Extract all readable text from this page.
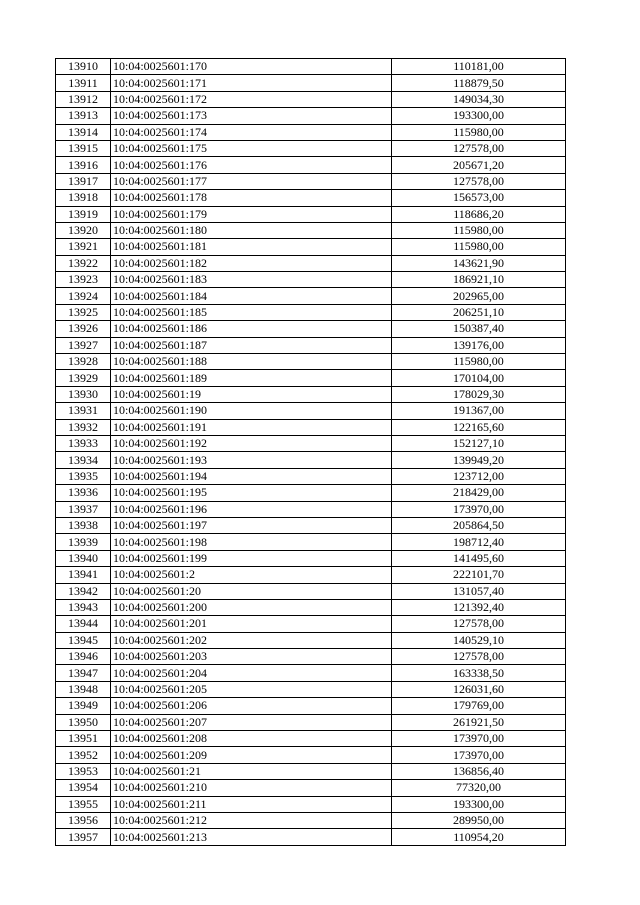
13910	10:04:0025601:170	110181,00
13911	10:04:0025601:171	118879,50
13912	10:04:0025601:172	149034,30
13913	10:04:0025601:173	193300,00
13914	10:04:0025601:174	115980,00
13915	10:04:0025601:175	127578,00
13916	10:04:0025601:176	205671,20
13917	10:04:0025601:177	127578,00
13918	10:04:0025601:178	156573,00
13919	10:04:0025601:179	118686,20
13920	10:04:0025601:180	115980,00
13921	10:04:0025601:181	115980,00
13922	10:04:0025601:182	143621,90
13923	10:04:0025601:183	186921,10
13924	10:04:0025601:184	202965,00
13925	10:04:0025601:185	206251,10
13926	10:04:0025601:186	150387,40
13927	10:04:0025601:187	139176,00
13928	10:04:0025601:188	115980,00
13929	10:04:0025601:189	170104,00
13930	10:04:0025601:19	178029,30
13931	10:04:0025601:190	191367,00
13932	10:04:0025601:191	122165,60
13933	10:04:0025601:192	152127,10
13934	10:04:0025601:193	139949,20
13935	10:04:0025601:194	123712,00
13936	10:04:0025601:195	218429,00
13937	10:04:0025601:196	173970,00
13938	10:04:0025601:197	205864,50
13939	10:04:0025601:198	198712,40
13940	10:04:0025601:199	141495,60
13941	10:04:0025601:2	222101,70
13942	10:04:0025601:20	131057,40
13943	10:04:0025601:200	121392,40
13944	10:04:0025601:201	127578,00
13945	10:04:0025601:202	140529,10
13946	10:04:0025601:203	127578,00
13947	10:04:0025601:204	163338,50
13948	10:04:0025601:205	126031,60
13949	10:04:0025601:206	179769,00
13950	10:04:0025601:207	261921,50
13951	10:04:0025601:208	173970,00
13952	10:04:0025601:209	173970,00
13953	10:04:0025601:21	136856,40
13954	10:04:0025601:210	77320,00
13955	10:04:0025601:211	193300,00
13956	10:04:0025601:212	289950,00
13957	10:04:0025601:213	110954,20
